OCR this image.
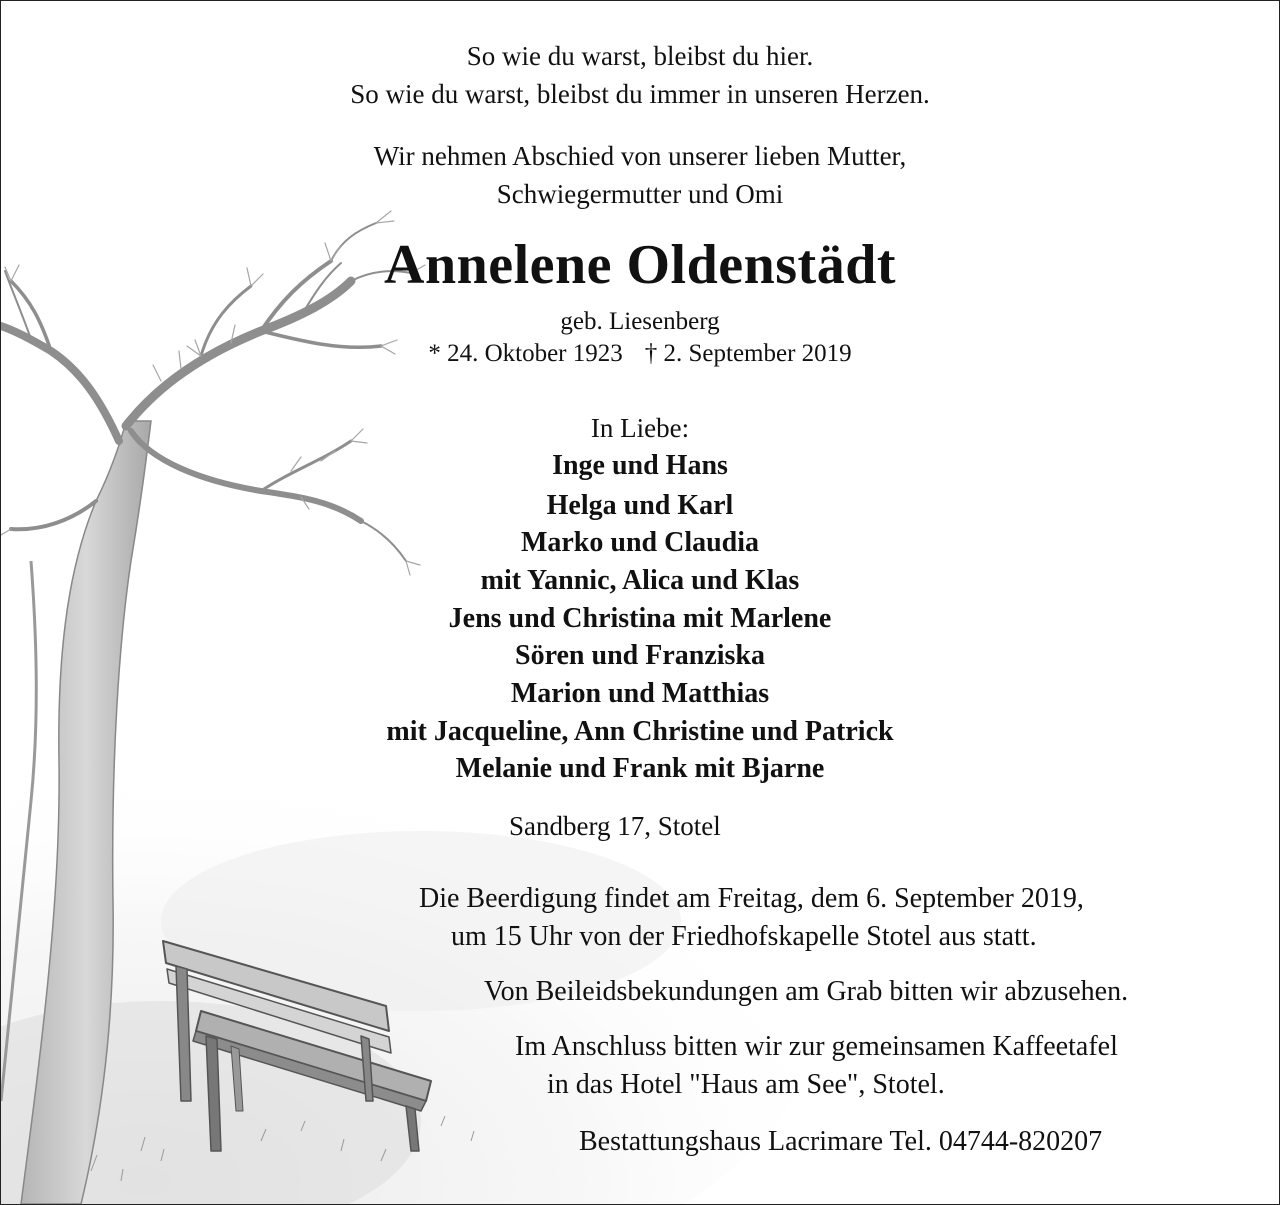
So wie du warst, bleibst du hier.
So wie du warst, bleibst du immer in unseren Herzen.
Wir nehmen Abschied von unserer lieben Mutter,
Schwiegermutter und Omi
Annelene Oldenstädt
geb. Liesenberg
* 24. Oktober 1923 † 2. September 2019
In Liebe:
Inge und Hans
Helga und Karl
Marko und Claudia
mit Yannic, Alica und Klas
Jens und Christina mit Marlene
Sören und Franziska
Marion und Matthias
mit Jacqueline, Ann Christine und Patrick
Melanie und Frank mit Bjarne
Sandberg 17, Stotel
Die Beerdigung findet am Freitag, dem 6. September 2019,
um 15 Uhr von der Friedhofskapelle Stotel aus statt.
Von Beileidsbekundungen am Grab bitten wir abzusehen.
Im Anschluss bitten wir zur gemeinsamen Kaffeetafel
in das Hotel "Haus am See", Stotel.
Bestattungshaus Lacrimare Tel. 04744-820207
